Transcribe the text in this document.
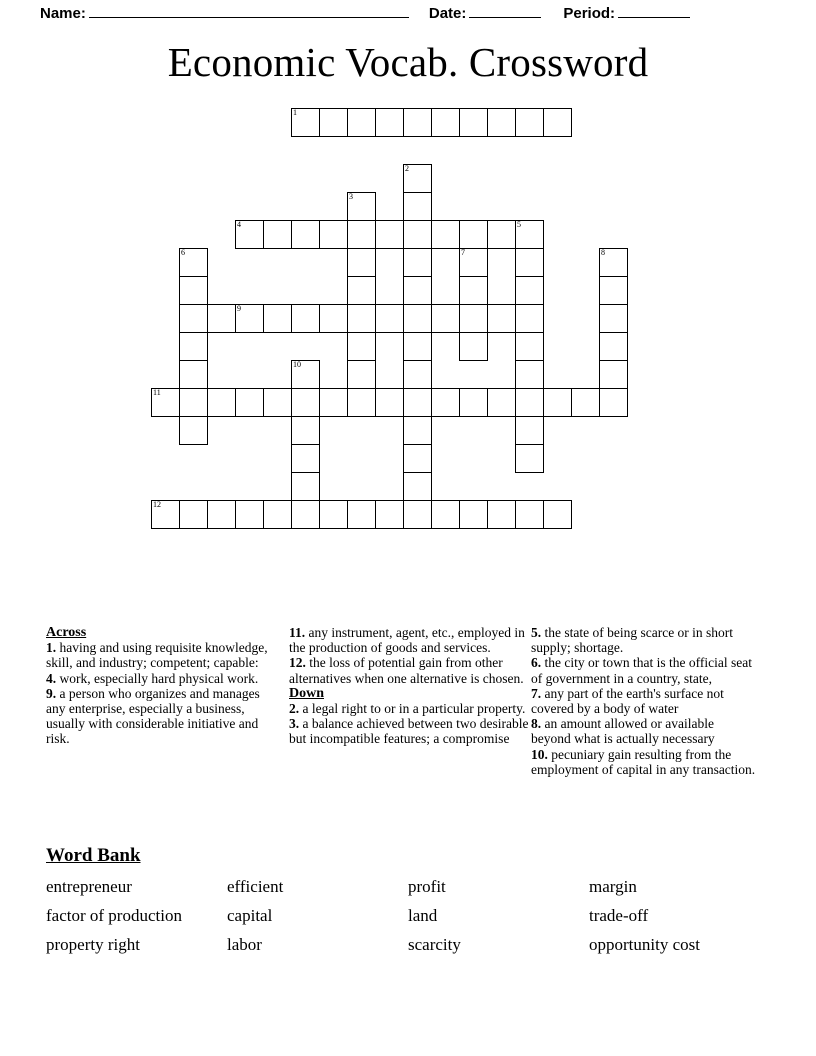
Name:	Date:	Period:
Economic Vocab. Crossword
1
2
3
4	5
6	7	8
9
10
11
12
Across
1. having and using requisite knowledge, skill, and industry; competent; capable:
4. work, especially hard physical work.
9. a person who organizes and manages any enterprise, especially a business, usually with considerable initiative and risk.
11. any instrument, agent, etc., employed in the production of goods and services.
12. the loss of potential gain from other alternatives when one alternative is chosen.
Down
2. a legal right to or in a particular property.
3. a balance achieved between two desirable but incompatible features; a compromise
5. the state of being scarce or in short supply; shortage.
6. the city or town that is the official seat of government in a country, state,
7. any part of the earth's surface not covered by a body of water
8. an amount allowed or available beyond what is actually necessary
10. pecuniary gain resulting from the employment of capital in any transaction.
Word Bank
entrepreneur	efficient	profit	margin
factor of production	capital	land	trade-off
property right	labor	scarcity	opportunity cost
